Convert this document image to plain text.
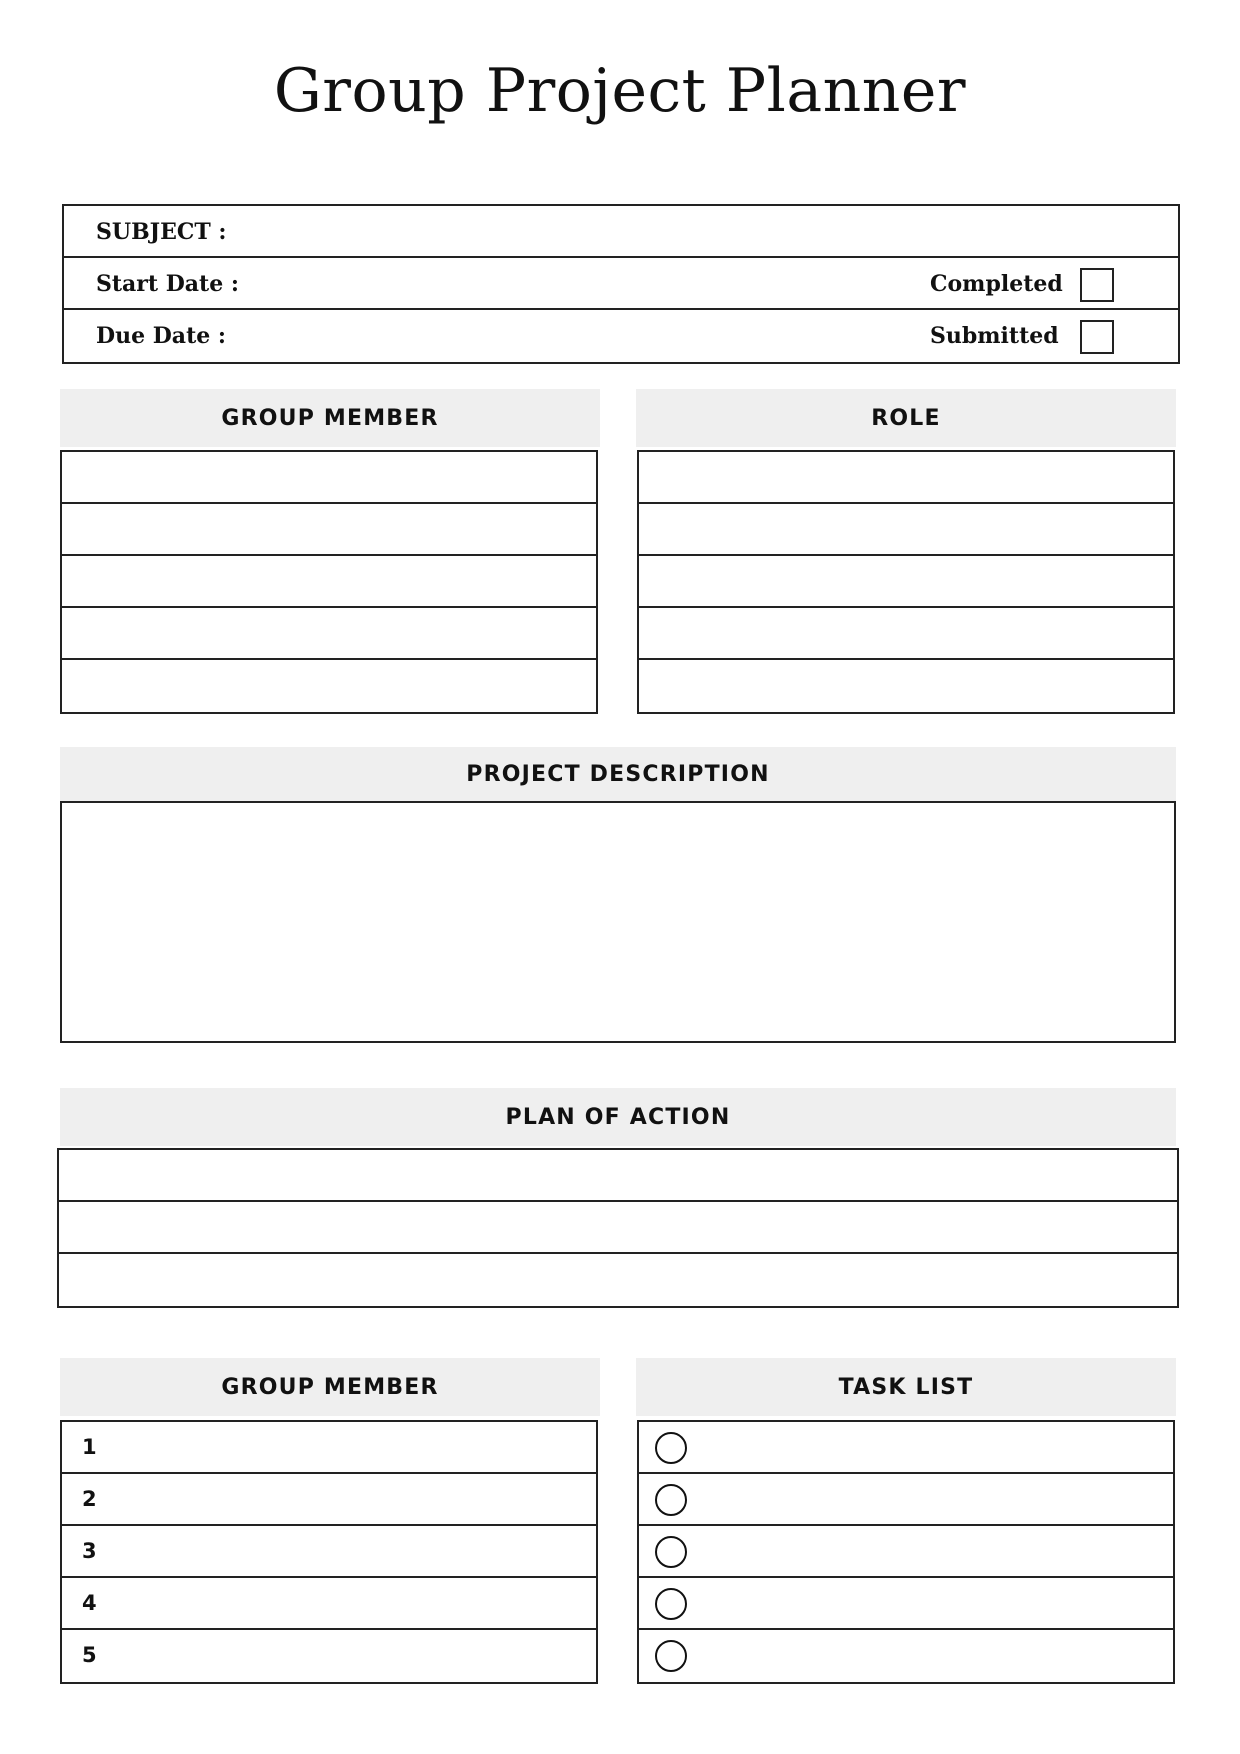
Group Project Planner
SUBJECT :
Start Date :	Completed
Due Date :	Submitted
GROUP MEMBER	ROLE
PROJECT DESCRIPTION
PLAN OF ACTION
GROUP MEMBER	TASK LIST
1
2
3
4
5
